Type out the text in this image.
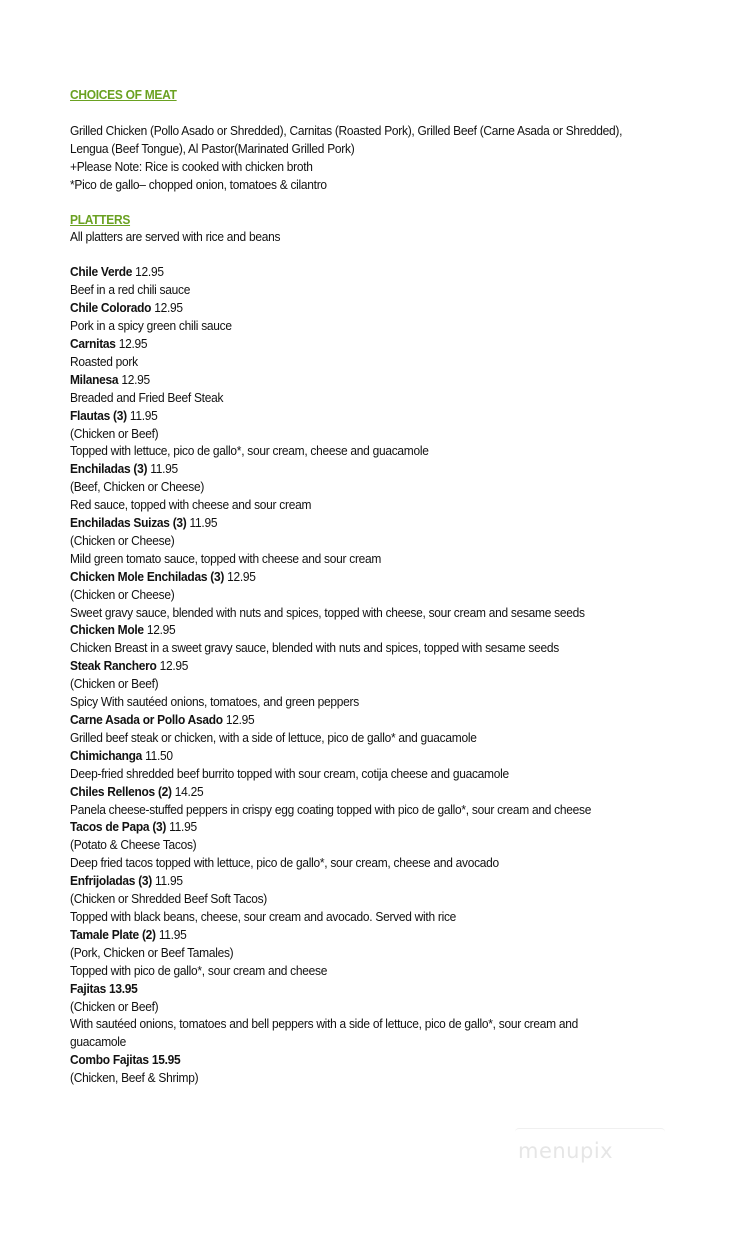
CHOICES OF MEAT

Grilled Chicken (Pollo Asado or Shredded), Carnitas (Roasted Pork), Grilled Beef (Carne Asada or Shredded),

Lengua (Beef Tongue), Al Pastor(Marinated Grilled Pork)

+Please Note: Rice is cooked with chicken broth

*Pico de gallo– chopped onion, tomatoes & cilantro

PLATTERS

All platters are served with rice and beans

Chile Verde 12.95

Beef in a red chili sauce

Chile Colorado 12.95

Pork in a spicy green chili sauce

Carnitas 12.95

Roasted pork

Milanesa 12.95

Breaded and Fried Beef Steak

Flautas (3) 11.95

(Chicken or Beef)

Topped with lettuce, pico de gallo*, sour cream, cheese and guacamole

Enchiladas (3) 11.95

(Beef, Chicken or Cheese)

Red sauce, topped with cheese and sour cream

Enchiladas Suizas (3) 11.95

(Chicken or Cheese)

Mild green tomato sauce, topped with cheese and sour cream

Chicken Mole Enchiladas (3) 12.95

(Chicken or Cheese)

Sweet gravy sauce, blended with nuts and spices, topped with cheese, sour cream and sesame seeds

Chicken Mole 12.95

Chicken Breast in a sweet gravy sauce, blended with nuts and spices, topped with sesame seeds

Steak Ranchero 12.95

(Chicken or Beef)

Spicy With sautéed onions, tomatoes, and green peppers

Carne Asada or Pollo Asado 12.95

Grilled beef steak or chicken, with a side of lettuce, pico de gallo* and guacamole

Chimichanga 11.50

Deep-fried shredded beef burrito topped with sour cream, cotija cheese and guacamole

Chiles Rellenos (2) 14.25

Panela cheese-stuffed peppers in crispy egg coating topped with pico de gallo*, sour cream and cheese

Tacos de Papa (3) 11.95

(Potato & Cheese Tacos)

Deep fried tacos topped with lettuce, pico de gallo*, sour cream, cheese and avocado

Enfrijoladas (3) 11.95

(Chicken or Shredded Beef Soft Tacos)

Topped with black beans, cheese, sour cream and avocado. Served with rice

Tamale Plate (2) 11.95

(Pork, Chicken or Beef Tamales)

Topped with pico de gallo*, sour cream and cheese

Fajitas 13.95

(Chicken or Beef)

With sautéed onions, tomatoes and bell peppers with a side of lettuce, pico de gallo*, sour cream and

guacamole

Combo Fajitas 15.95

(Chicken, Beef & Shrimp)

menupix
